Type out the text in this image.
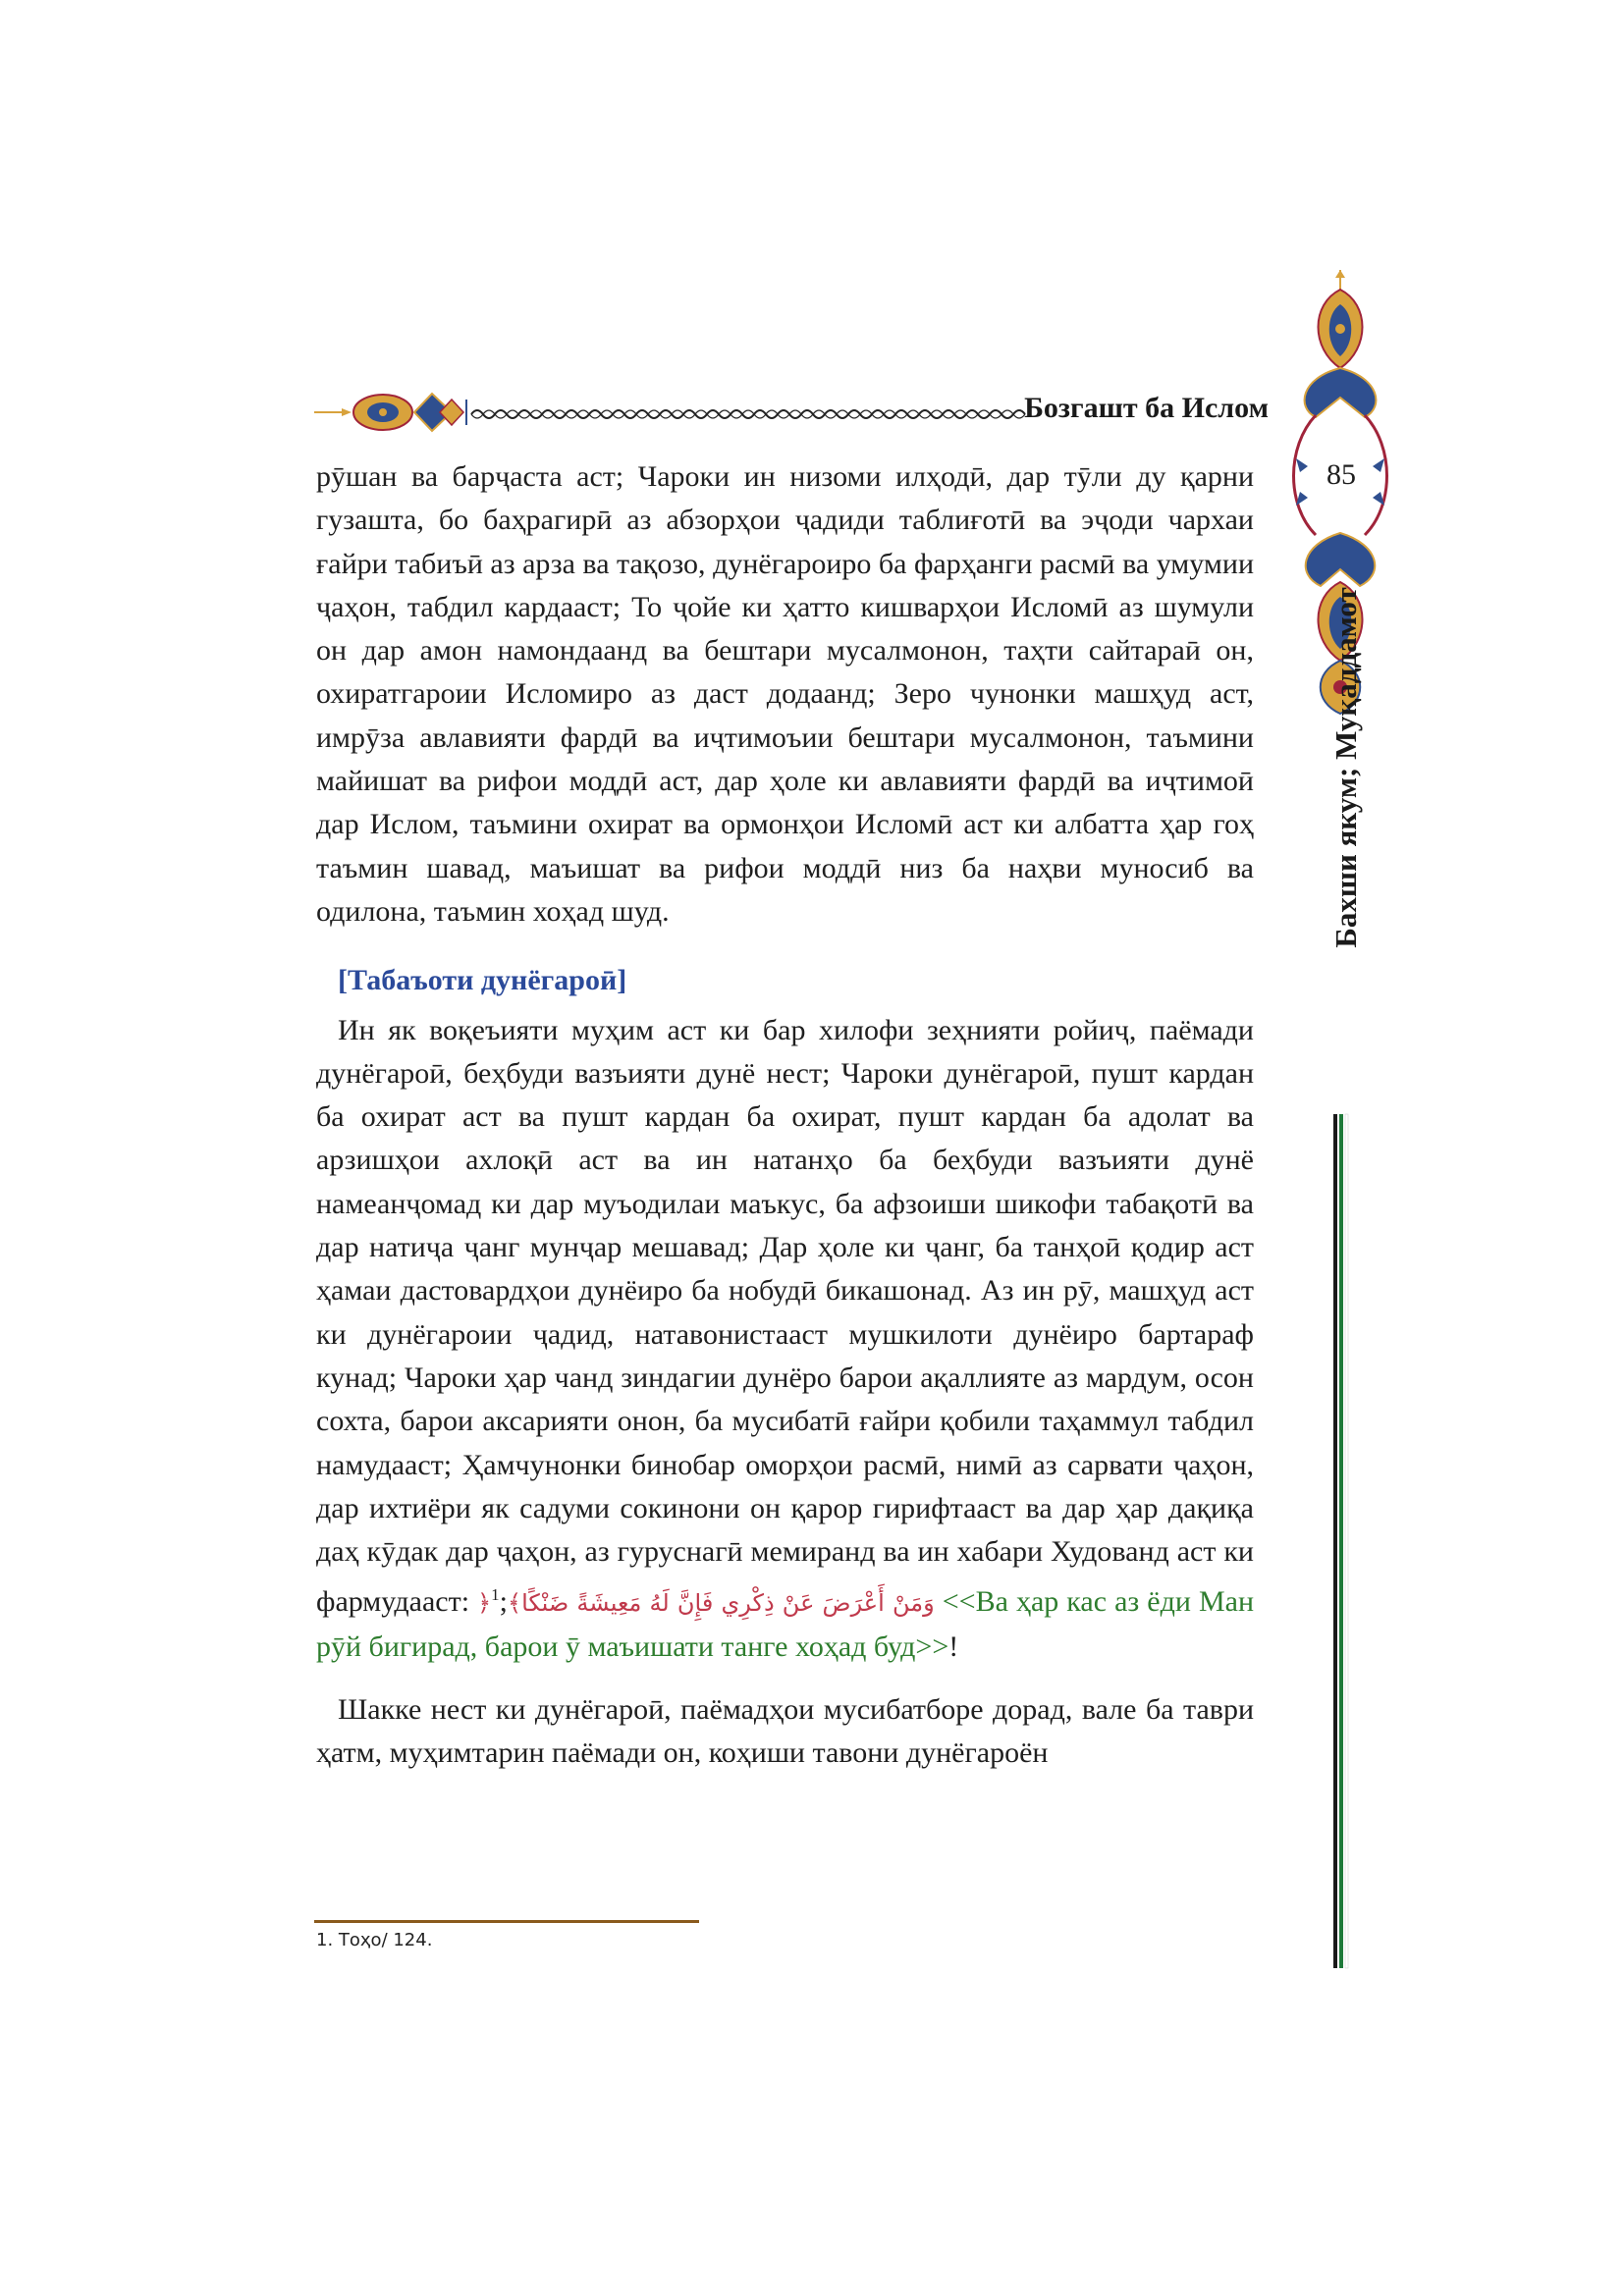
Бозгашт ба Ислом
85
Бахши якум; Муқаддамот

рӯшан ва барҷаста аст; Чароки ин низоми илҳодӣ, дар тӯли ду қарни гузашта, бо баҳрагирӣ аз абзорҳои ҷадиди таблиғотӣ ва эҷоди чархаи ғайри табиъӣ аз арза ва тақозо, дунёгароиро ба фарҳанги расмӣ ва умумии ҷаҳон, табдил кардааст; То ҷойе ки ҳатто кишварҳои Исломӣ аз шумули он дар амон намондаанд ва бештари мусалмонон, таҳти сайтараӣ он, охиратгароии Исломиро аз даст додаанд; Зеро чунонки машҳуд аст, имрӯза авлавияти фардӣ ва иҷтимоъии бештари мусалмонон, таъмини майишат ва рифои моддӣ аст, дар ҳоле ки авлавияти фардӣ ва иҷтимоӣ дар Ислом, таъмини охират ва ормонҳои Исломӣ аст ки албатта ҳар гоҳ таъмин шавад, маъишат ва рифои моддӣ низ ба наҳви муносиб ва одилона, таъмин хоҳад шуд.

[Табаъоти дунёгароӣ]

Ин як воқеъияти муҳим аст ки бар хилофи зеҳнияти ройиҷ, паёмади дунёгароӣ, беҳбуди вазъияти дунё нест; Чароки дунёгароӣ, пушт кардан ба охират аст ва пушт кардан ба охират, пушт кардан ба адолат ва арзишҳои ахлоқӣ аст ва ин натанҳо ба беҳбуди вазъияти дунё намеанҷомад ки дар муъодилаи маъкус, ба афзоиши шикофи табақотӣ ва дар натиҷа ҷанг мунҷар мешавад; Дар ҳоле ки ҷанг, ба танҳоӣ қодир аст ҳамаи дастовардҳои дунёиро ба нобудӣ бикашонад. Аз ин рӯ, машҳуд аст ки дунёгароии ҷадид, натавонистааст мушкилоти дунёиро бартараф кунад; Чароки ҳар чанд зиндагии дунёро барои ақаллияте аз мардум, осон сохта, барои аксарияти онон, ба мусибатӣ ғайри қобили таҳаммул табдил намудааст; Ҳамчунонки бинобар оморҳои расмӣ, нимӣ аз сарвати ҷаҳон, дар ихтиёри як садуми сокинони он қарор гирифтааст ва дар ҳар дақиқа даҳ кӯдак дар ҷаҳон, аз гуруснагӣ мемиранд ва ин хабари Худованд аст ки фармудааст: ﴿وَمَنْ أَعْرَضَ عَنْ ذِكْرِي فَإِنَّ لَهُ مَعِيشَةً ضَنْكًا﴾;$^1$	<<Ва ҳар кас аз ёди Ман рӯй бигирад, барои ӯ маъишати танге хоҳад буд>>!

Шакке нест ки дунёгароӣ, паёмадҳои мусибатборе дорад, вале ба таври ҳатм, муҳимтарин паёмади он, коҳиши тавони дунёгароён

1. Тоҳо/ 124.
